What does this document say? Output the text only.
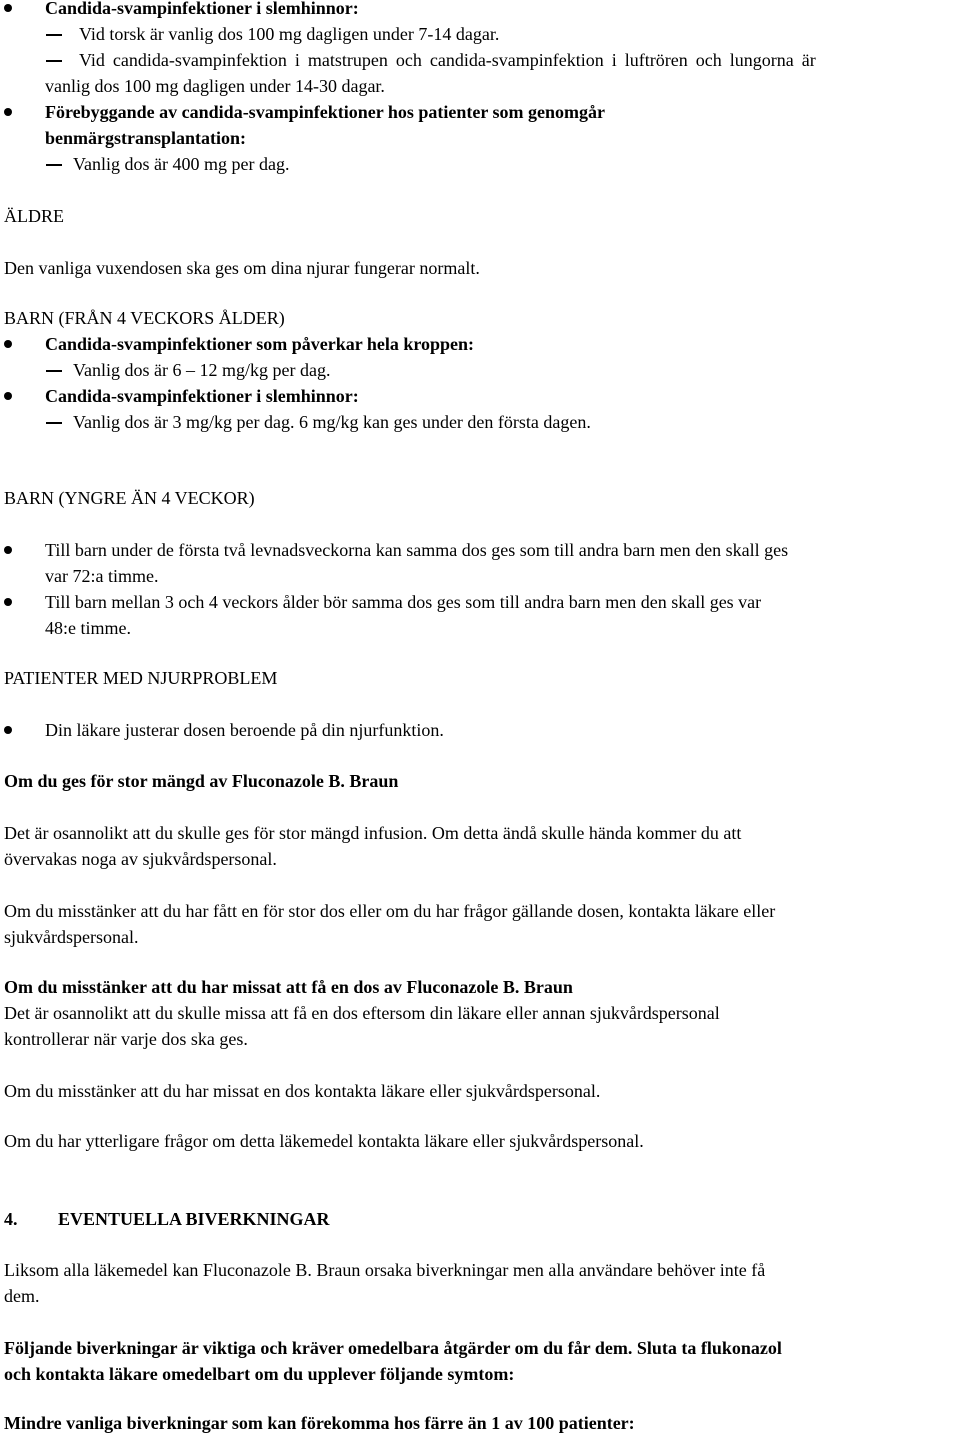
Candida-svampinfektioner i slemhinnor:
Vid torsk är vanlig dos 100 mg dagligen under 7-14 dagar.
Vid candida-svampinfektion i matstrupen och candida-svampinfektion i luftrören och lungorna är
vanlig dos 100 mg dagligen under 14-30 dagar.
Förebyggande av candida-svampinfektioner hos patienter som genomgår
benmärgstransplantation:
Vanlig dos är 400 mg per dag.
ÄLDRE
Den vanliga vuxendosen ska ges om dina njurar fungerar normalt.
BARN (FRÅN 4 VECKORS ÅLDER)
Candida-svampinfektioner som påverkar hela kroppen:
Vanlig dos är 6 – 12 mg/kg per dag.
Candida-svampinfektioner i slemhinnor:
Vanlig dos är 3 mg/kg per dag. 6 mg/kg kan ges under den första dagen.
BARN (YNGRE ÄN 4 VECKOR)
Till barn under de första två levnadsveckorna kan samma dos ges som till andra barn men den skall ges
var 72:a timme.
Till barn mellan 3 och 4 veckors ålder bör samma dos ges som till andra barn men den skall ges var
48:e timme.
PATIENTER MED NJURPROBLEM
Din läkare justerar dosen beroende på din njurfunktion.
Om du ges för stor mängd av Fluconazole B. Braun
Det är osannolikt att du skulle ges för stor mängd infusion. Om detta ändå skulle hända kommer du att
övervakas noga av sjukvårdspersonal.
Om du misstänker att du har fått en för stor dos eller om du har frågor gällande dosen, kontakta läkare eller
sjukvårdspersonal.
Om du misstänker att du har missat att få en dos av Fluconazole B. Braun
Det är osannolikt att du skulle missa att få en dos eftersom din läkare eller annan sjukvårdspersonal
kontrollerar när varje dos ska ges.
Om du misstänker att du har missat en dos kontakta läkare eller sjukvårdspersonal.
Om du har ytterligare frågor om detta läkemedel kontakta läkare eller sjukvårdspersonal.
4. EVENTUELLA BIVERKNINGAR
Liksom alla läkemedel kan Fluconazole B. Braun orsaka biverkningar men alla användare behöver inte få
dem.
Följande biverkningar är viktiga och kräver omedelbara åtgärder om du får dem. Sluta ta flukonazol
och kontakta läkare omedelbart om du upplever följande symtom:
Mindre vanliga biverkningar som kan förekomma hos färre än 1 av 100 patienter:
